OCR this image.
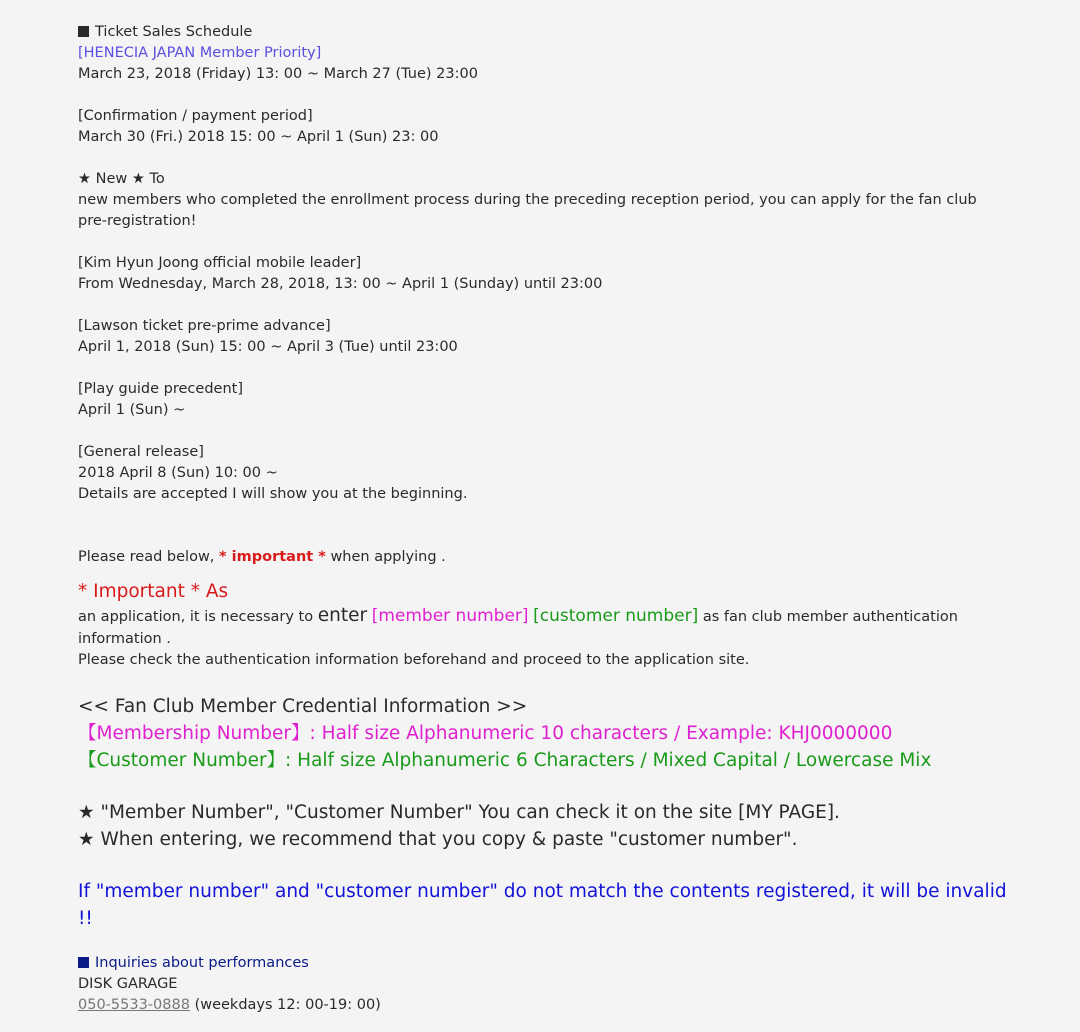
Ticket Sales Schedule
[HENECIA JAPAN Member Priority]
March 23, 2018 (Friday) 13: 00 ~ March 27 (Tue) 23:00
[Confirmation / payment period]
March 30 (Fri.) 2018 15: 00 ~ April 1 (Sun) 23: 00
★ New ★ To
new members who completed the enrollment process during the preceding reception period, you can apply for the fan club pre-registration!
[Kim Hyun Joong official mobile leader]
From Wednesday, March 28, 2018, 13: 00 ~ April 1 (Sunday) until 23:00
[Lawson ticket pre-prime advance]
April 1, 2018 (Sun) 15: 00 ~ April 3 (Tue) until 23:00
[Play guide precedent]
April 1 (Sun) ~
[General release]
2018 April 8 (Sun) 10: 00 ~
Details are accepted I will show you at the beginning.
Please read below, * important * when applying .
* Important * As
an application, it is necessary to enter [member number] [customer number] as fan club member authentication
information .
Please check the authentication information beforehand and proceed to the application site.
<< Fan Club Member Credential Information >>
【Membership Number】: Half size Alphanumeric 10 characters / Example: KHJ0000000
【Customer Number】: Half size Alphanumeric 6 Characters / Mixed Capital / Lowercase Mix
★ "Member Number", "Customer Number" You can check it on the site [MY PAGE].
★ When entering, we recommend that you copy & paste "customer number".
If "member number" and "customer number" do not match the contents registered, it will be invalid !!
Inquiries about performances
DISK GARAGE
050-5533-0888 (weekdays 12: 00-19: 00)
